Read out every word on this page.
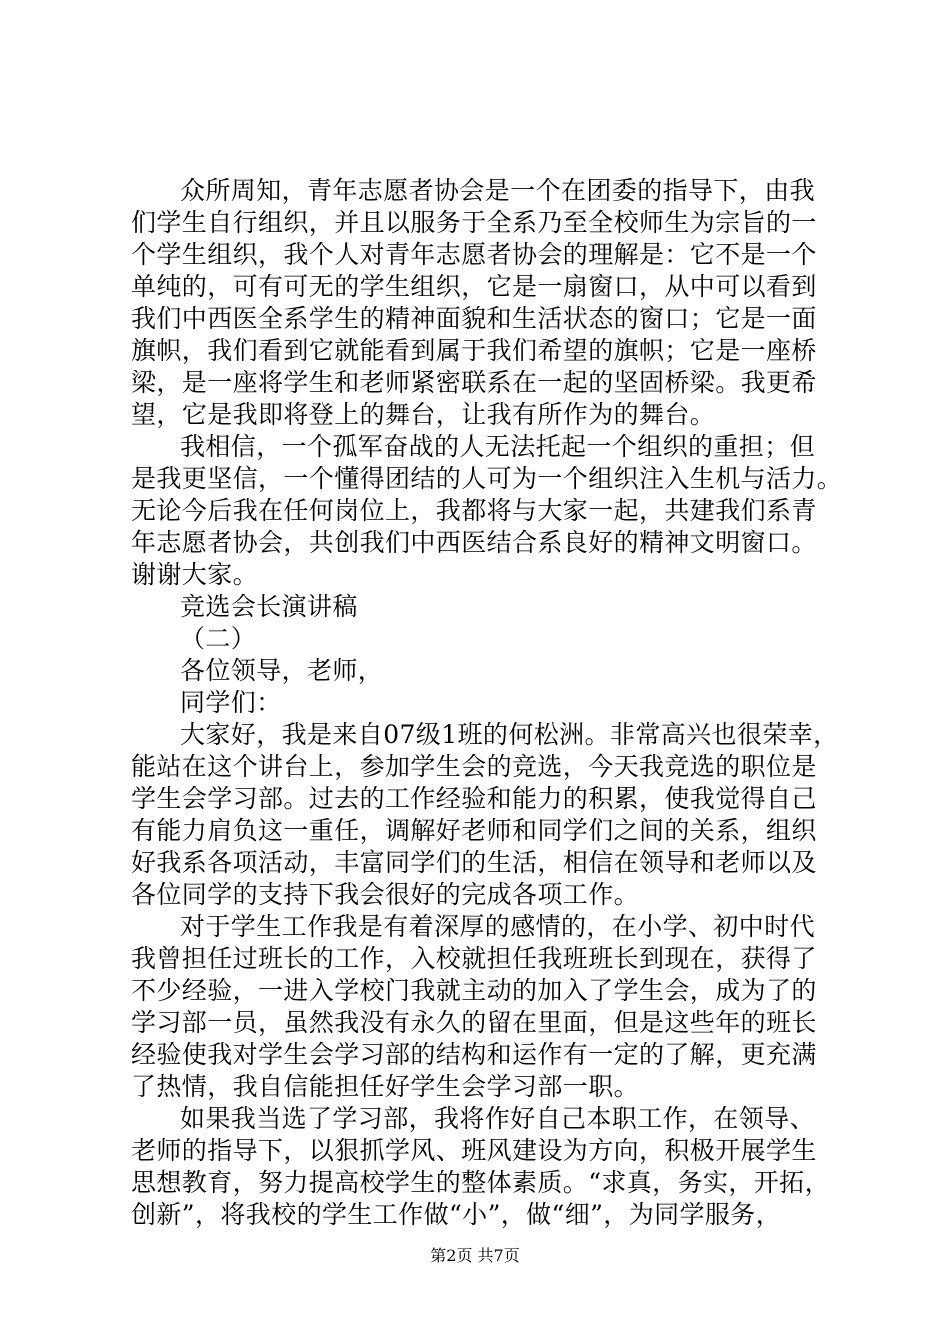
众所周知，青年志愿者协会是一个在团委的指导下，由我
们学生自行组织，并且以服务于全系乃至全校师生为宗旨的一
个学生组织，我个人对青年志愿者协会的理解是：它不是一个
单纯的，可有可无的学生组织，它是一扇窗口，从中可以看到
我们中西医全系学生的精神面貌和生活状态的窗口；它是一面
旗帜，我们看到它就能看到属于我们希望的旗帜；它是一座桥
梁，是一座将学生和老师紧密联系在一起的坚固桥梁。我更希
望，它是我即将登上的舞台，让我有所作为的舞台。
我相信，一个孤军奋战的人无法托起一个组织的重担；但
是我更坚信，一个懂得团结的人可为一个组织注入生机与活力。
无论今后我在任何岗位上，我都将与大家一起，共建我们系青
年志愿者协会，共创我们中西医结合系良好的精神文明窗口。
谢谢大家。
竞选会长演讲稿
（二）
各位领导，老师，
同学们：
大家好，我是来自07级1班的何松洲。非常高兴也很荣幸，
能站在这个讲台上，参加学生会的竞选，今天我竞选的职位是
学生会学习部。过去的工作经验和能力的积累，使我觉得自己
有能力肩负这一重任，调解好老师和同学们之间的关系，组织
好我系各项活动，丰富同学们的生活，相信在领导和老师以及
各位同学的支持下我会很好的完成各项工作。
对于学生工作我是有着深厚的感情的，在小学、初中时代
我曾担任过班长的工作，入校就担任我班班长到现在，获得了
不少经验，一进入学校门我就主动的加入了学生会，成为了的
学习部一员，虽然我没有永久的留在里面，但是这些年的班长
经验使我对学生会学习部的结构和运作有一定的了解，更充满
了热情，我自信能担任好学生会学习部一职。
如果我当选了学习部，我将作好自己本职工作，在领导、
老师的指导下，以狠抓学风、班风建设为方向，积极开展学生
思想教育，努力提高校学生的整体素质。“求真，务实，开拓，
创新”，将我校的学生工作做“小”，做“细”，为同学服务，
第2页 共7页
